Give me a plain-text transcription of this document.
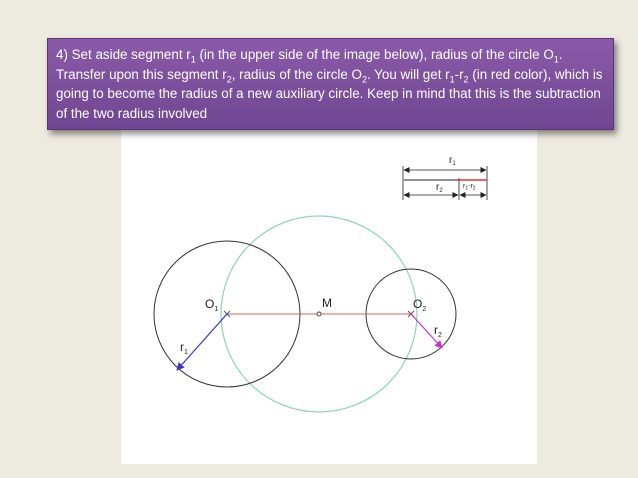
4) Set aside segment $r_1$ (in the upper side of the image below), radius of the circle $O_1$. Transfer upon this segment $r_2$, radius of the circle $O_2$. You will get $r_1-r_2$ (in red color), which is going to become the radius of a new auxiliary circle. Keep in mind that this is the subtraction of the two radius involved
$O_1$	M	$O_2$
$r_1$
$r_2$
$r_1$
$r_2$
$r_1-r_2$
